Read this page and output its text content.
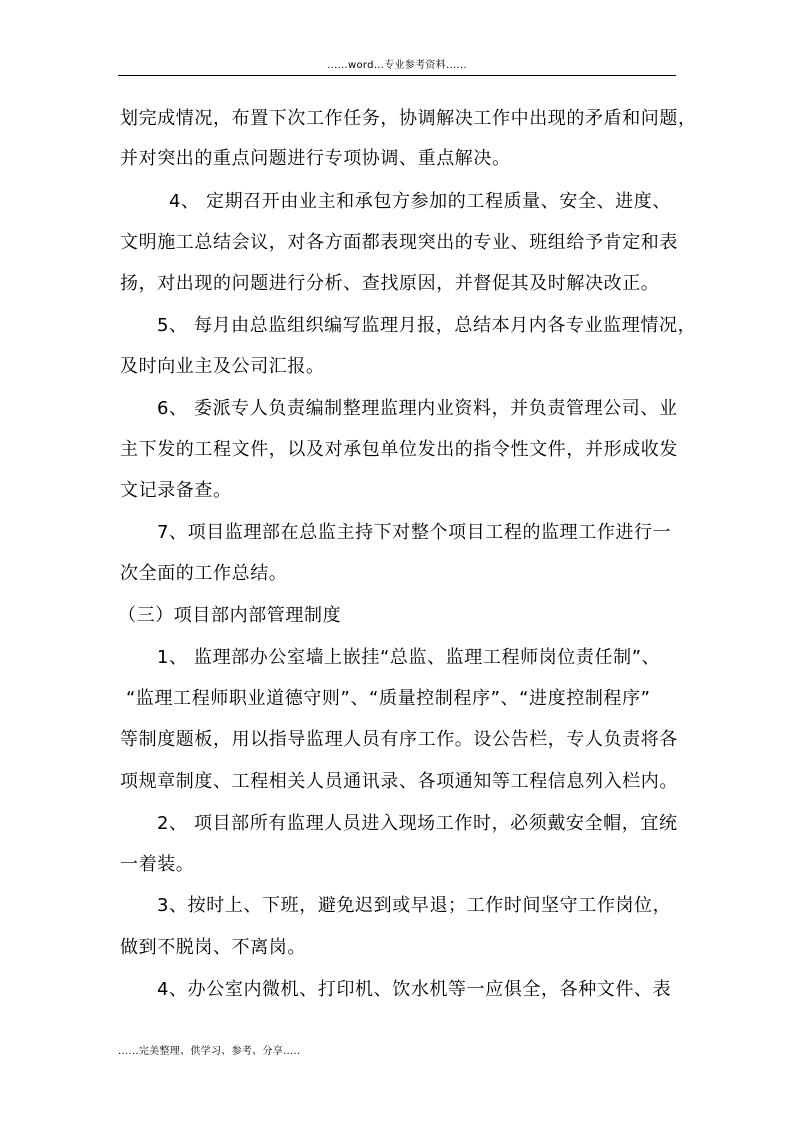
......word...专业参考资料......
划完成情况，布置下次工作任务，协调解决工作中出现的矛盾和问题，
并对突出的重点问题进行专项协调、重点解决。
4、 定期召开由业主和承包方参加的工程质量、安全、进度、
文明施工总结会议，对各方面都表现突出的专业、班组给予肯定和表
扬，对出现的问题进行分析、查找原因，并督促其及时解决改正。
5、 每月由总监组织编写监理月报，总结本月内各专业监理情况，
及时向业主及公司汇报。
6、 委派专人负责编制整理监理内业资料，并负责管理公司、业
主下发的工程文件，以及对承包单位发出的指令性文件，并形成收发
文记录备查。
7、项目监理部在总监主持下对整个项目工程的监理工作进行一
次全面的工作总结。
（三）项目部内部管理制度
1、 监理部办公室墙上嵌挂“总监、监理工程师岗位责任制”、
“监理工程师职业道德守则”、“质量控制程序”、“进度控制程序”
等制度题板，用以指导监理人员有序工作。设公告栏，专人负责将各
项规章制度、工程相关人员通讯录、各项通知等工程信息列入栏内。
2、 项目部所有监理人员进入现场工作时，必须戴安全帽，宜统
一着装。
3、按时上、下班，避免迟到或早退；工作时间坚守工作岗位，
做到不脱岗、不离岗。
4、办公室内微机、打印机、饮水机等一应俱全，各种文件、表
......完美整理、供学习、参考、分享.....
